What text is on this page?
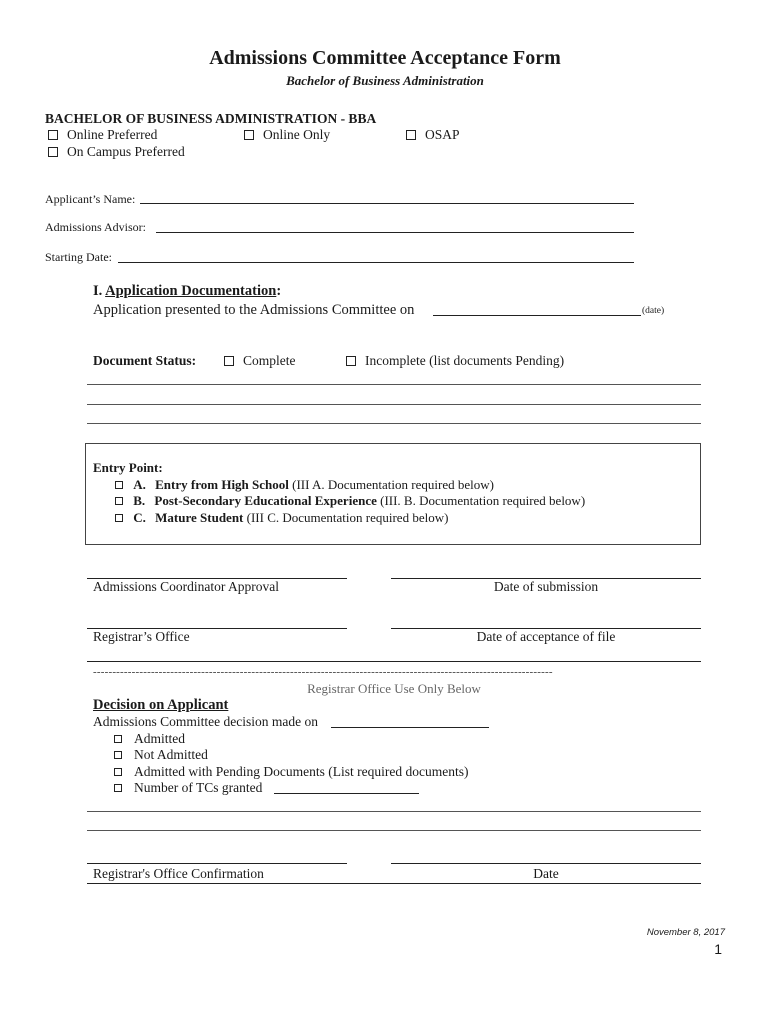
Admissions Committee Acceptance Form
Bachelor of Business Administration
BACHELOR OF BUSINESS ADMINISTRATION - BBA
Online Preferred	Online Only	OSAP
On Campus Preferred
Applicant’s Name:
Admissions Advisor:
Starting Date:
I. Application Documentation:
Application presented to the Admissions Committee on	(date)
Document Status:	Complete	Incomplete (list documents Pending)
Entry Point:
A. Entry from High School (III A. Documentation required below)
B. Post-Secondary Educational Experience (III. B. Documentation required below)
C. Mature Student (III C. Documentation required below)
Admissions Coordinator Approval	Date of submission
Registrar’s Office	Date of acceptance of file
-----------------------------------------------------------------------------------------------------------------------
Registrar Office Use Only Below
Decision on Applicant
Admissions Committee decision made on
Admitted
Not Admitted
Admitted with Pending Documents (List required documents)
Number of TCs granted
Registrar's Office Confirmation	Date
November 8, 2017
1
